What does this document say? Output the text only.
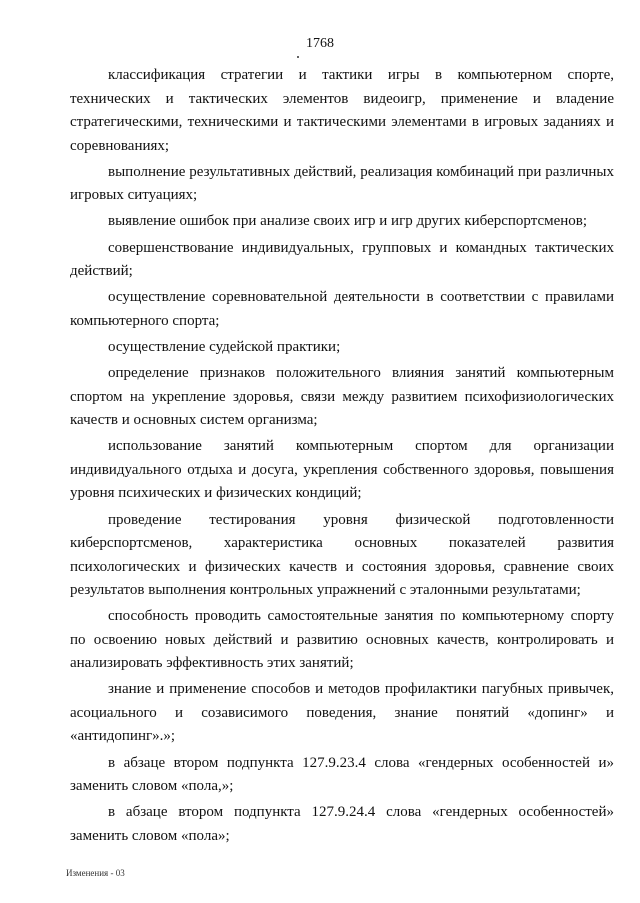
1768

классификация стратегии и тактики игры в компьютерном спорте, технических и тактических элементов видеоигр, применение и владение стратегическими, техническими и тактическими элементами в игровых заданиях и соревнованиях;

выполнение результативных действий, реализация комбинаций при различных игровых ситуациях;

выявление ошибок при анализе своих игр и игр других киберспортсменов;

совершенствование индивидуальных, групповых и командных тактических действий;

осуществление соревновательной деятельности в соответствии с правилами компьютерного спорта;

осуществление судейской практики;

определение признаков положительного влияния занятий компьютерным спортом на укрепление здоровья, связи между развитием психофизиологических качеств и основных систем организма;

использование занятий компьютерным спортом для организации индивидуального отдыха и досуга, укрепления собственного здоровья, повышения уровня психических и физических кондиций;

проведение тестирования уровня физической подготовленности киберспортсменов, характеристика основных показателей развития психологических и физических качеств и состояния здоровья, сравнение своих результатов выполнения контрольных упражнений с эталонными результатами;

способность проводить самостоятельные занятия по компьютерному спорту по освоению новых действий и развитию основных качеств, контролировать и анализировать эффективность этих занятий;

знание и применение способов и методов профилактики пагубных привычек, асоциального и созависимого поведения, знание понятий «допинг» и «антидопинг».»;

в абзаце втором подпункта 127.9.23.4 слова «гендерных особенностей и» заменить словом «пола,»;

в абзаце втором подпункта 127.9.24.4 слова «гендерных особенностей» заменить словом «пола»;

Изменения - 03
